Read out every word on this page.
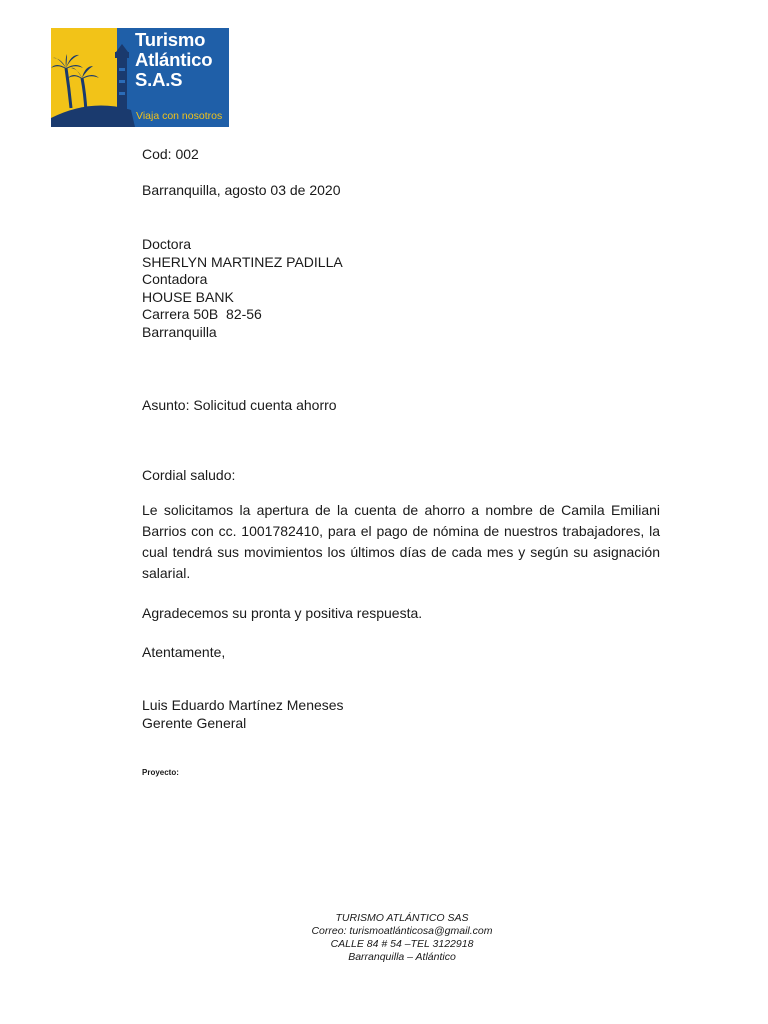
Turismo
Atlántico
S.A.S
Viaja con nosotros
Cod: 002
Barranquilla, agosto 03 de 2020
Doctora
SHERLYN MARTINEZ PADILLA
Contadora
HOUSE BANK
Carrera 50B  82-56
Barranquilla
Asunto: Solicitud cuenta ahorro
Cordial saludo:
Le solicitamos la apertura de la cuenta de ahorro a nombre de Camila Emiliani Barrios con cc. 1001782410, para el pago de nómina de nuestros trabajadores, la cual tendrá sus movimientos los últimos días de cada mes y según su asignación salarial.
Agradecemos su pronta y positiva respuesta.
Atentamente,
Luis Eduardo Martínez Meneses
Gerente General
Proyecto:
TURISMO ATLÁNTICO SAS
Correo: turismoatlánticosa@gmail.com
CALLE 84 # 54 –TEL 3122918
Barranquilla – Atlántico
